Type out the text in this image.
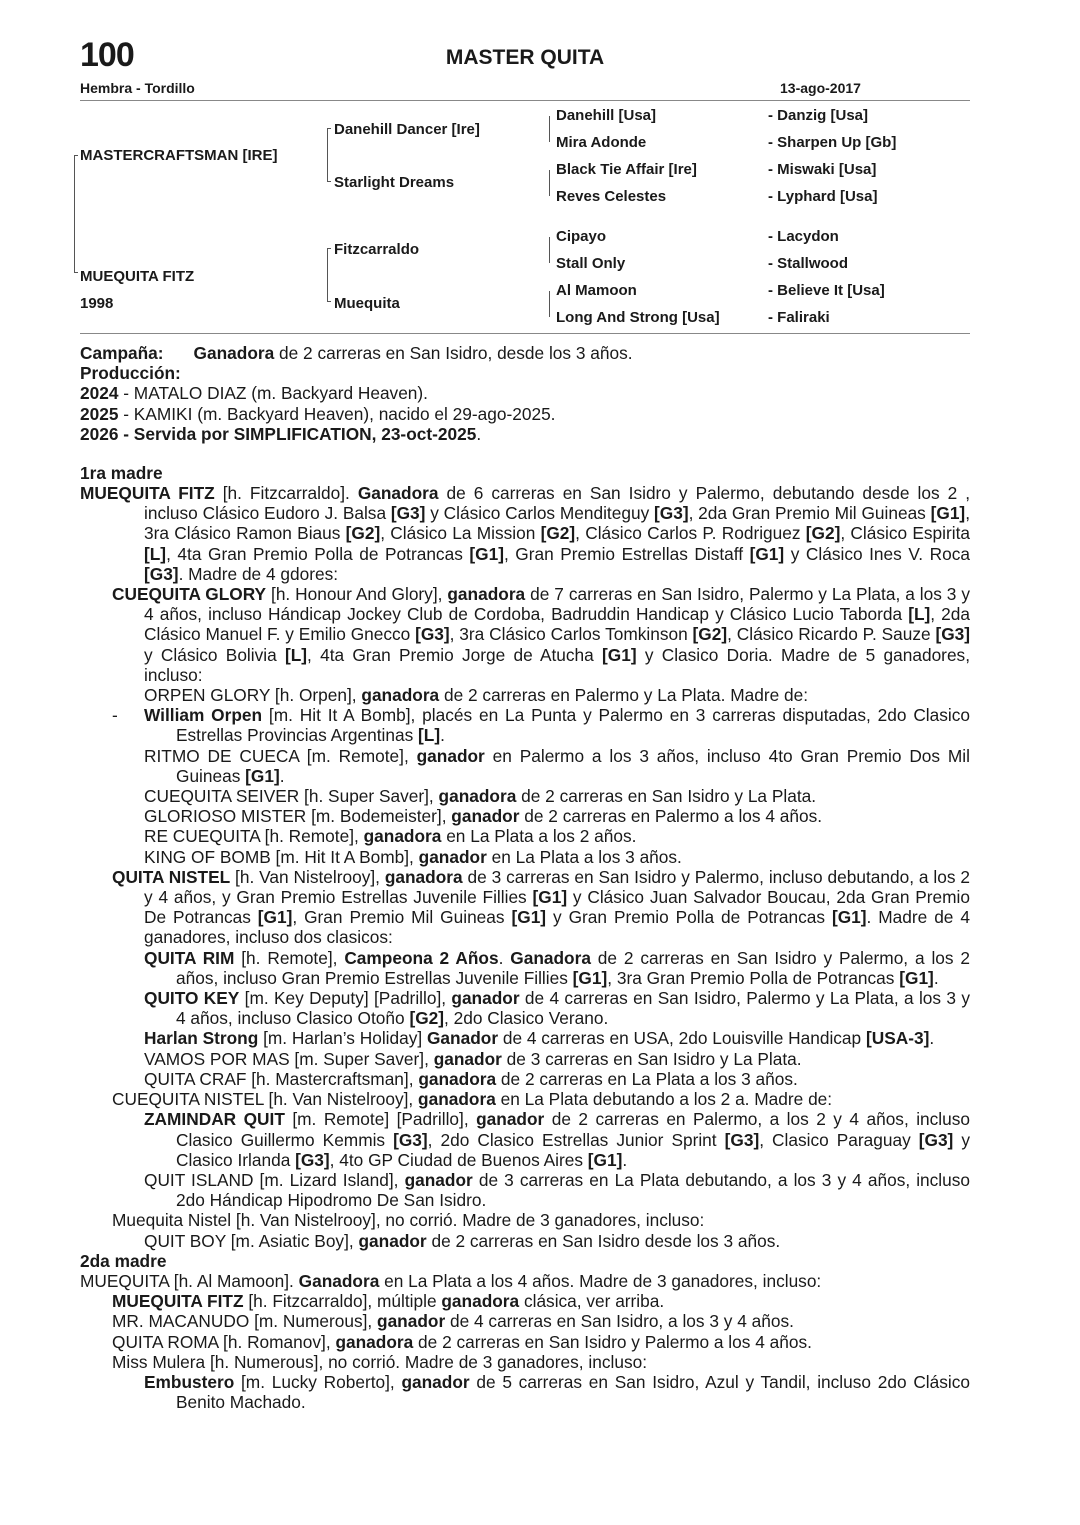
100	MASTER QUITA
Hembra - Tordillo	13-ago-2017
MASTERCRAFTSMAN [IRE]
MUEQUITA FITZ
1998
Danehill Dancer [Ire]
Starlight Dreams
Fitzcarraldo
Muequita
Danehill [Usa]
Mira Adonde
Black Tie Affair [Ire]
Reves Celestes
Cipayo
Stall Only
Al Mamoon
Long And Strong [Usa]
- Danzig [Usa]
- Sharpen Up [Gb]
- Miswaki [Usa]
- Lyphard [Usa]
- Lacydon
- Stallwood
- Believe It [Usa]
- Faliraki

Campaña: Ganadora de 2 carreras en San Isidro, desde los 3 años.

Producción:

2024 - MATALO DIAZ (m. Backyard Heaven).

2025 - KAMIKI (m. Backyard Heaven), nacido el 29-ago-2025.

2026 - Servida por SIMPLIFICATION, 23-oct-2025.

1ra madre

MUEQUITA FITZ [h. Fitzcarraldo]. Ganadora de 6 carreras en San Isidro y Palermo, debutando desde los 2 , incluso Clásico Eudoro J. Balsa [G3] y Clásico Carlos Menditeguy [G3], 2da Gran Premio Mil Guineas [G1], 3ra Clásico Ramon Biaus [G2], Clásico La Mission [G2], Clásico Carlos P. Rodriguez [G2], Clásico Espirita [L], 4ta Gran Premio Polla de Potrancas [G1], Gran Premio Estrellas Distaff [G1] y Clásico Ines V. Roca [G3]. Madre de 4 gdores:

CUEQUITA GLORY [h. Honour And Glory], ganadora de 7 carreras en San Isidro, Palermo y La Plata, a los 3 y 4 años, incluso Hándicap Jockey Club de Cordoba, Badruddin Handicap y Clásico Lucio Taborda [L], 2da Clásico Manuel F. y Emilio Gnecco [G3], 3ra Clásico Carlos Tomkinson [G2], Clásico Ricardo P. Sauze [G3] y Clásico Bolivia [L], 4ta Gran Premio Jorge de Atucha [G1] y Clasico Doria. Madre de 5 ganadores, incluso:

ORPEN GLORY [h. Orpen], ganadora de 2 carreras en Palermo y La Plata. Madre de:

- William Orpen [m. Hit It A Bomb], placés en La Punta y Palermo en 3 carreras disputadas, 2do Clasico Estrellas Provincias Argentinas [L].

RITMO DE CUECA [m. Remote], ganador en Palermo a los 3 años, incluso 4to Gran Premio Dos Mil Guineas [G1].

CUEQUITA SEIVER [h. Super Saver], ganadora de 2 carreras en San Isidro y La Plata.

GLORIOSO MISTER [m. Bodemeister], ganador de 2 carreras en Palermo a los 4 años.

RE CUEQUITA [h. Remote], ganadora en La Plata a los 2 años.

KING OF BOMB [m. Hit It A Bomb], ganador en La Plata a los 3 años.

QUITA NISTEL [h. Van Nistelrooy], ganadora de 3 carreras en San Isidro y Palermo, incluso debutando, a los 2 y 4 años, y Gran Premio Estrellas Juvenile Fillies [G1] y Clásico Juan Salvador Boucau, 2da Gran Premio De Potrancas [G1], Gran Premio Mil Guineas [G1] y Gran Premio Polla de Potrancas [G1]. Madre de 4 ganadores, incluso dos clasicos:

QUITA RIM [h. Remote], Campeona 2 Años. Ganadora de 2 carreras en San Isidro y Palermo, a los 2 años, incluso Gran Premio Estrellas Juvenile Fillies [G1], 3ra Gran Premio Polla de Potrancas [G1].

QUITO KEY [m. Key Deputy] [Padrillo], ganador de 4 carreras en San Isidro, Palermo y La Plata, a los 3 y 4 años, incluso Clasico Otoño [G2], 2do Clasico Verano.

Harlan Strong [m. Harlan’s Holiday] Ganador de 4 carreras en USA, 2do Louisville Handicap [USA-3].

VAMOS POR MAS [m. Super Saver], ganador de 3 carreras en San Isidro y La Plata.

QUITA CRAF [h. Mastercraftsman], ganadora de 2 carreras en La Plata a los 3 años.

CUEQUITA NISTEL [h. Van Nistelrooy], ganadora en La Plata debutando a los 2 a. Madre de:

ZAMINDAR QUIT [m. Remote] [Padrillo], ganador de 2 carreras en Palermo, a los 2 y 4 años, incluso Clasico Guillermo Kemmis [G3], 2do Clasico Estrellas Junior Sprint [G3], Clasico Paraguay [G3] y Clasico Irlanda [G3], 4to GP Ciudad de Buenos Aires [G1].

QUIT ISLAND [m. Lizard Island], ganador de 3 carreras en La Plata debutando, a los 3 y 4 años, incluso 2do Hándicap Hipodromo De San Isidro.

Muequita Nistel [h. Van Nistelrooy], no corrió. Madre de 3 ganadores, incluso:

QUIT BOY [m. Asiatic Boy], ganador de 2 carreras en San Isidro desde los 3 años.

2da madre

MUEQUITA [h. Al Mamoon]. Ganadora en La Plata a los 4 años. Madre de 3 ganadores, incluso:

MUEQUITA FITZ [h. Fitzcarraldo], múltiple ganadora clásica, ver arriba.

MR. MACANUDO [m. Numerous], ganador de 4 carreras en San Isidro, a los 3 y 4 años.

QUITA ROMA [h. Romanov], ganadora de 2 carreras en San Isidro y Palermo a los 4 años.

Miss Mulera [h. Numerous], no corrió. Madre de 3 ganadores, incluso:

Embustero [m. Lucky Roberto], ganador de 5 carreras en San Isidro, Azul y Tandil, incluso 2do Clásico Benito Machado.
